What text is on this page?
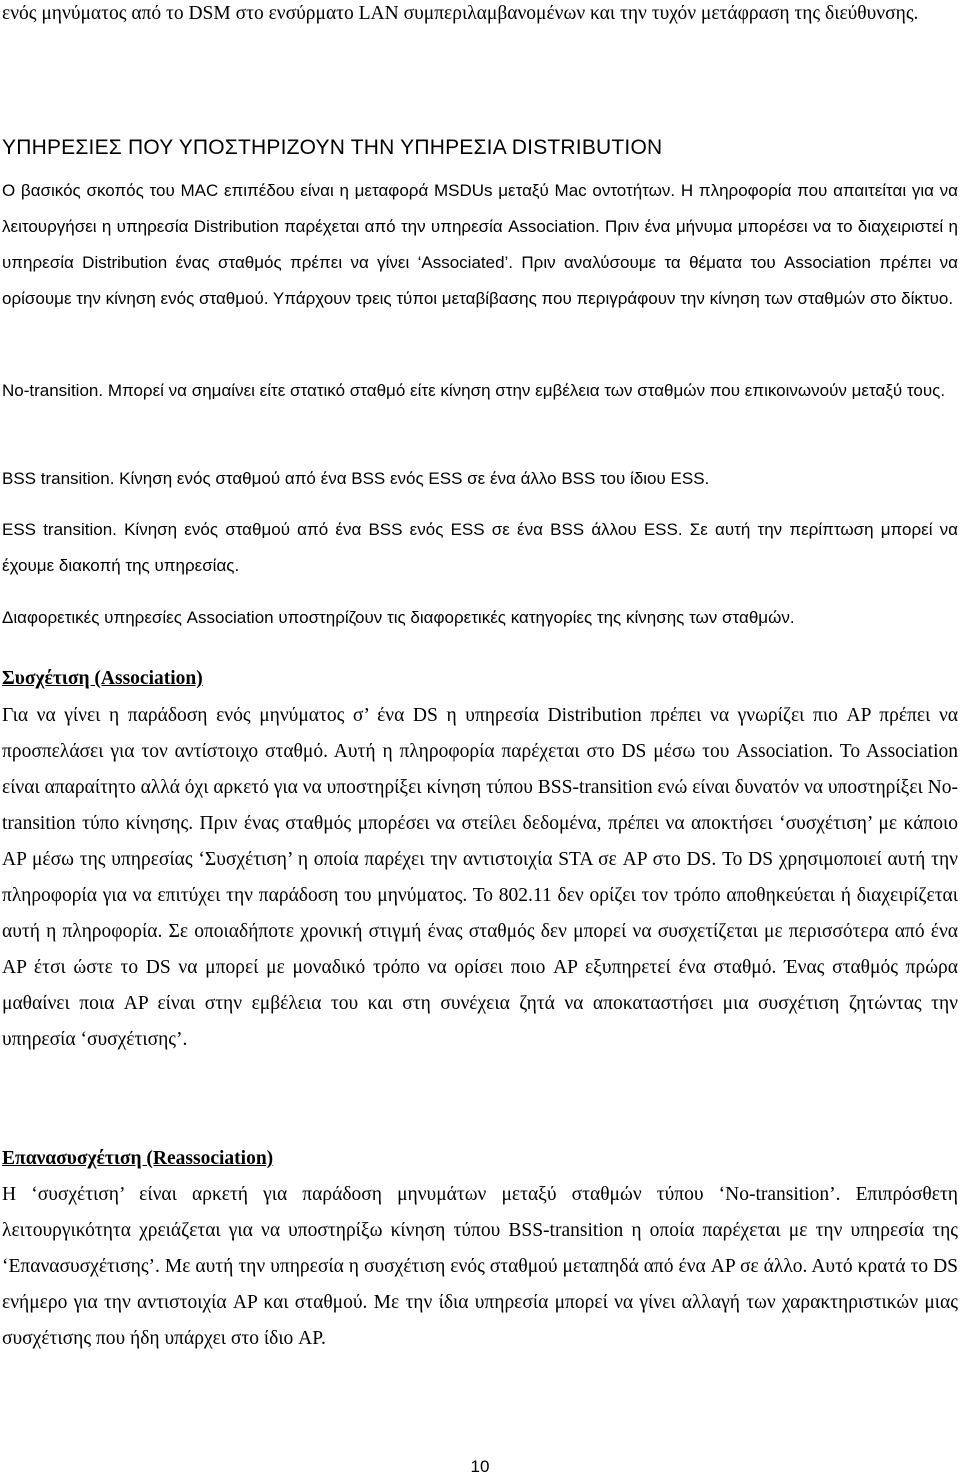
ενός μηνύματος από το DSM στο ενσύρματο LAN συμπεριλαμβανομένων και την τυχόν μετάφραση της διεύθυνσης.

ΥΠΗΡΕΣΙΕΣ ΠΟΥ ΥΠΟΣΤΗΡΙΖΟΥΝ ΤΗΝ ΥΠΗΡΕΣΙΑ DISTRIBUTION

Ο βασικός σκοπός του MAC επιπέδου είναι η μεταφορά MSDUs μεταξύ Mac οντοτήτων. Η πληροφορία που απαιτείται για να λειτουργήσει η υπηρεσία Distribution παρέχεται από την υπηρεσία Association. Πριν ένα μήνυμα μπορέσει να το διαχειριστεί η υπηρεσία Distribution ένας σταθμός πρέπει να γίνει ‘Associated’. Πριν αναλύσουμε τα θέματα του Association πρέπει να ορίσουμε την κίνηση ενός σταθμού. Υπάρχουν τρεις τύποι μεταβίβασης που περιγράφουν την κίνηση των σταθμών στο δίκτυο.

No-transition. Μπορεί να σημαίνει είτε στατικό σταθμό είτε κίνηση στην εμβέλεια των σταθμών που επικοινωνούν μεταξύ τους.

BSS transition. Κίνηση ενός σταθμού από ένα BSS ενός ESS σε ένα άλλο BSS του ίδιου ESS.

ESS transition. Κίνηση ενός σταθμού από ένα BSS ενός ESS σε ένα BSS άλλου ESS. Σε αυτή την περίπτωση μπορεί να έχουμε διακοπή της υπηρεσίας.

Διαφορετικές υπηρεσίες Association υποστηρίζουν τις διαφορετικές κατηγορίες της κίνησης των σταθμών.

Συσχέτιση (Association)

Για να γίνει η παράδοση ενός μηνύματος σ’ ένα DS η υπηρεσία Distribution πρέπει να γνωρίζει πιο AP πρέπει να προσπελάσει για τον αντίστοιχο σταθμό. Αυτή η πληροφορία παρέχεται στο DS μέσω του Association. To Association είναι απαραίτητο αλλά όχι αρκετό για να υποστηρίξει κίνηση τύπου BSS-transition ενώ είναι δυνατόν να υποστηρίξει No-transition τύπο κίνησης. Πριν ένας σταθμός μπορέσει να στείλει δεδομένα, πρέπει να αποκτήσει ‘συσχέτιση’ με κάποιο AP μέσω της υπηρεσίας ‘Συσχέτιση’ η οποία παρέχει την αντιστοιχία STA σε AP στο DS. Το DS χρησιμοποιεί αυτή την πληροφορία για να επιτύχει την παράδοση του μηνύματος. Το 802.11 δεν ορίζει τον τρόπο αποθηκεύεται ή διαχειρίζεται αυτή η πληροφορία. Σε οποιαδήποτε χρονική στιγμή ένας σταθμός δεν μπορεί να συσχετίζεται με περισσότερα από ένα AP έτσι ώστε το DS να μπορεί με μοναδικό τρόπο να ορίσει ποιο AP εξυπηρετεί ένα σταθμό. Ένας σταθμός πρώρα μαθαίνει ποια AP είναι στην εμβέλεια του και στη συνέχεια ζητά να αποκαταστήσει μια συσχέτιση ζητώντας την υπηρεσία ‘συσχέτισης’.

Επανασυσχέτιση (Reassociation)

Η ‘συσχέτιση’ είναι αρκετή για παράδοση μηνυμάτων μεταξύ σταθμών τύπου ‘No-transition’. Επιπρόσθετη λειτουργικότητα χρειάζεται για να υποστηρίξω κίνηση τύπου BSS-transition η οποία παρέχεται με την υπηρεσία της ‘Επανασυσχέτισης’. Με αυτή την υπηρεσία η συσχέτιση ενός σταθμού μεταπηδά από ένα AP σε άλλο. Αυτό κρατά το DS ενήμερο για την αντιστοιχία AP και σταθμού. Με την ίδια υπηρεσία μπορεί να γίνει αλλαγή των χαρακτηριστικών μιας συσχέτισης που ήδη υπάρχει στο ίδιο AP.

10
